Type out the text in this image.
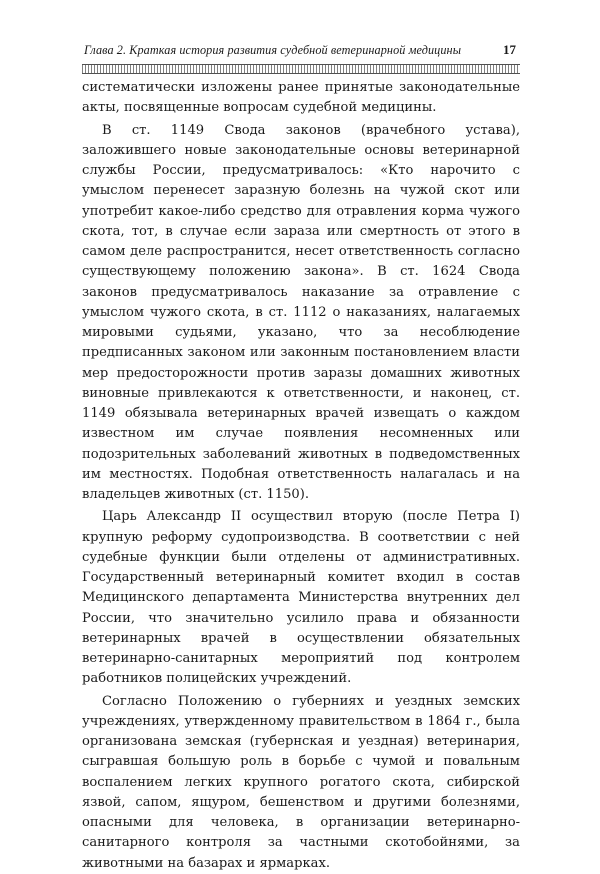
Глава 2. Краткая история развития судебной ветеринарной медицины	17

систематически изложены ранее принятые законодательные акты, посвященные вопросам судебной медицины.

В ст. 1149 Свода законов (врачебного устава), заложившего новые законодательные основы ветеринарной службы России, предусматривалось: «Кто нарочито с умыслом перенесет заразную болезнь на чужой скот или употребит какое-либо средство для отравления корма чужого скота, тот, в случае если зараза или смертность от этого в самом деле распространится, несет ответственность согласно существующему положению закона». В ст. 1624 Свода законов предусматривалось наказание за отравление с умыслом чужого скота, в ст. 1112 о наказаниях, налагаемых мировыми судьями, указано, что за несоблюдение предписанных законом или законным постановлением власти мер предосторожности против заразы домашних животных виновные привлекаются к ответственности, и наконец, ст. 1149 обязывала ветеринарных врачей извещать о каждом известном им случае появления несомненных или подозрительных заболеваний животных в подведомственных им местностях. Подобная ответственность налагалась и на владельцев животных (ст. 1150).

Царь Александр II осуществил вторую (после Петра I) крупную реформу судопроизводства. В соответствии с ней судебные функции были отделены от административных. Государственный ветеринарный комитет входил в состав Медицинского департамента Министерства внутренних дел России, что значительно усилило права и обязанности ветеринарных врачей в осуществлении обязательных ветеринарно-санитарных мероприятий под контролем работников полицейских учреждений.

Согласно Положению о губерниях и уездных земских учреждениях, утвержденному правительством в 1864 г., была организована земская (губернская и уездная) ветеринария, сыгравшая большую роль в борьбе с чумой и повальным воспалением легких крупного рогатого скота, сибирской язвой, сапом, ящуром, бешенством и другими болезнями, опасными для человека, в организации ветеринарно-санитарного контроля за частными скотобойнями, за животными на базарах и ярмарках.
